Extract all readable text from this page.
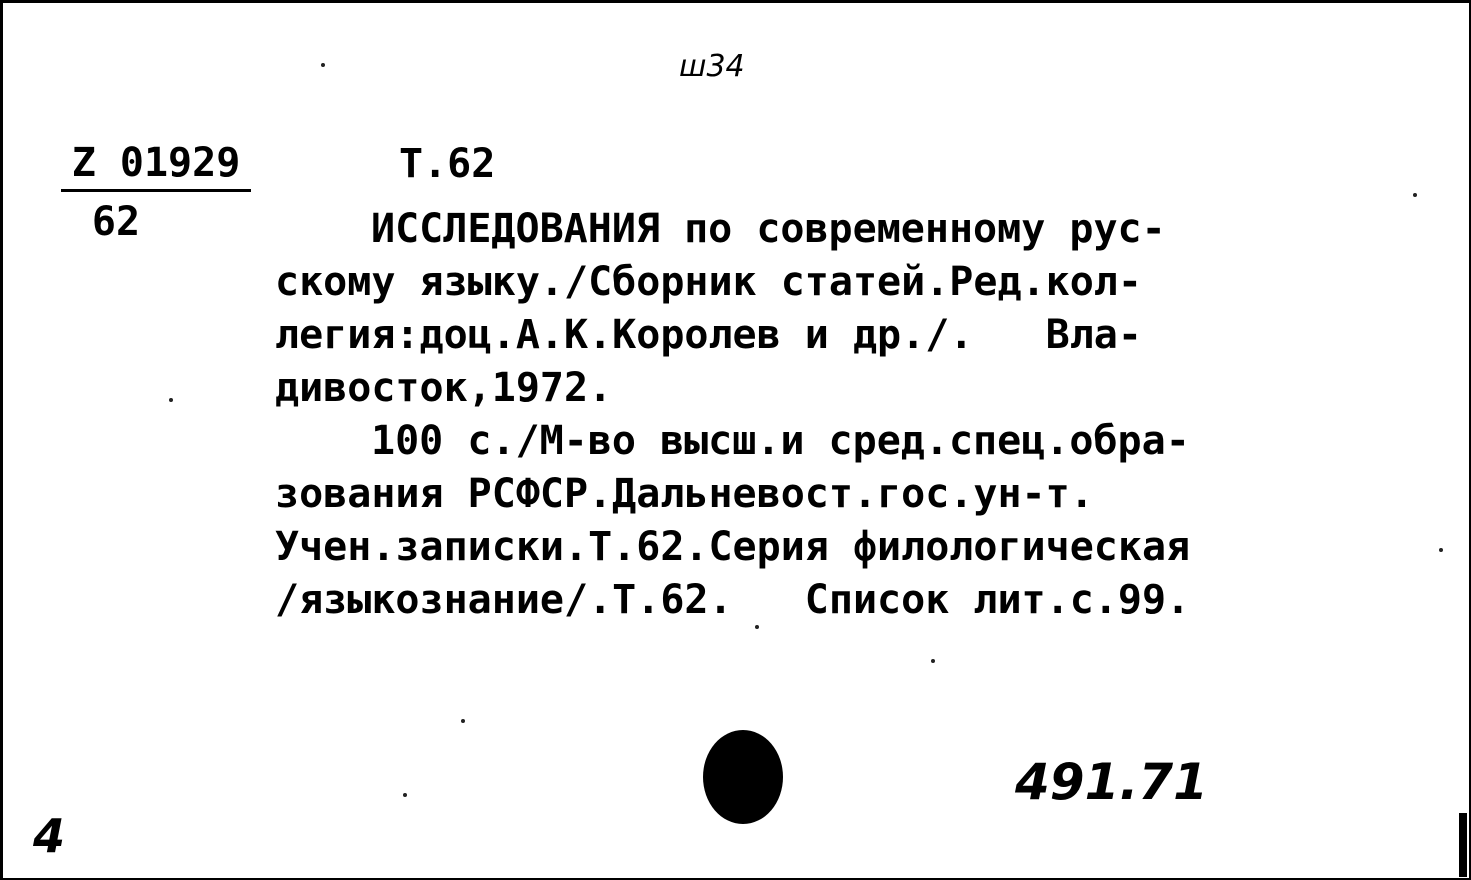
ш34
Z 01929
62
Т.62
ИССЛЕДОВАНИЯ по современному рус-
скому языку./Сборник статей.Ред.кол-
легия:доц.А.К.Королев и др./.   Вла-
дивосток,1972.
100 с./М-во высш.и сред.спец.обра-
зования РСФСР.Дальневост.гос.ун-т.
Учен.записки.Т.62.Серия филологическая
/языкознание/.Т.62.   Список лит.с.99.
491.71
4
